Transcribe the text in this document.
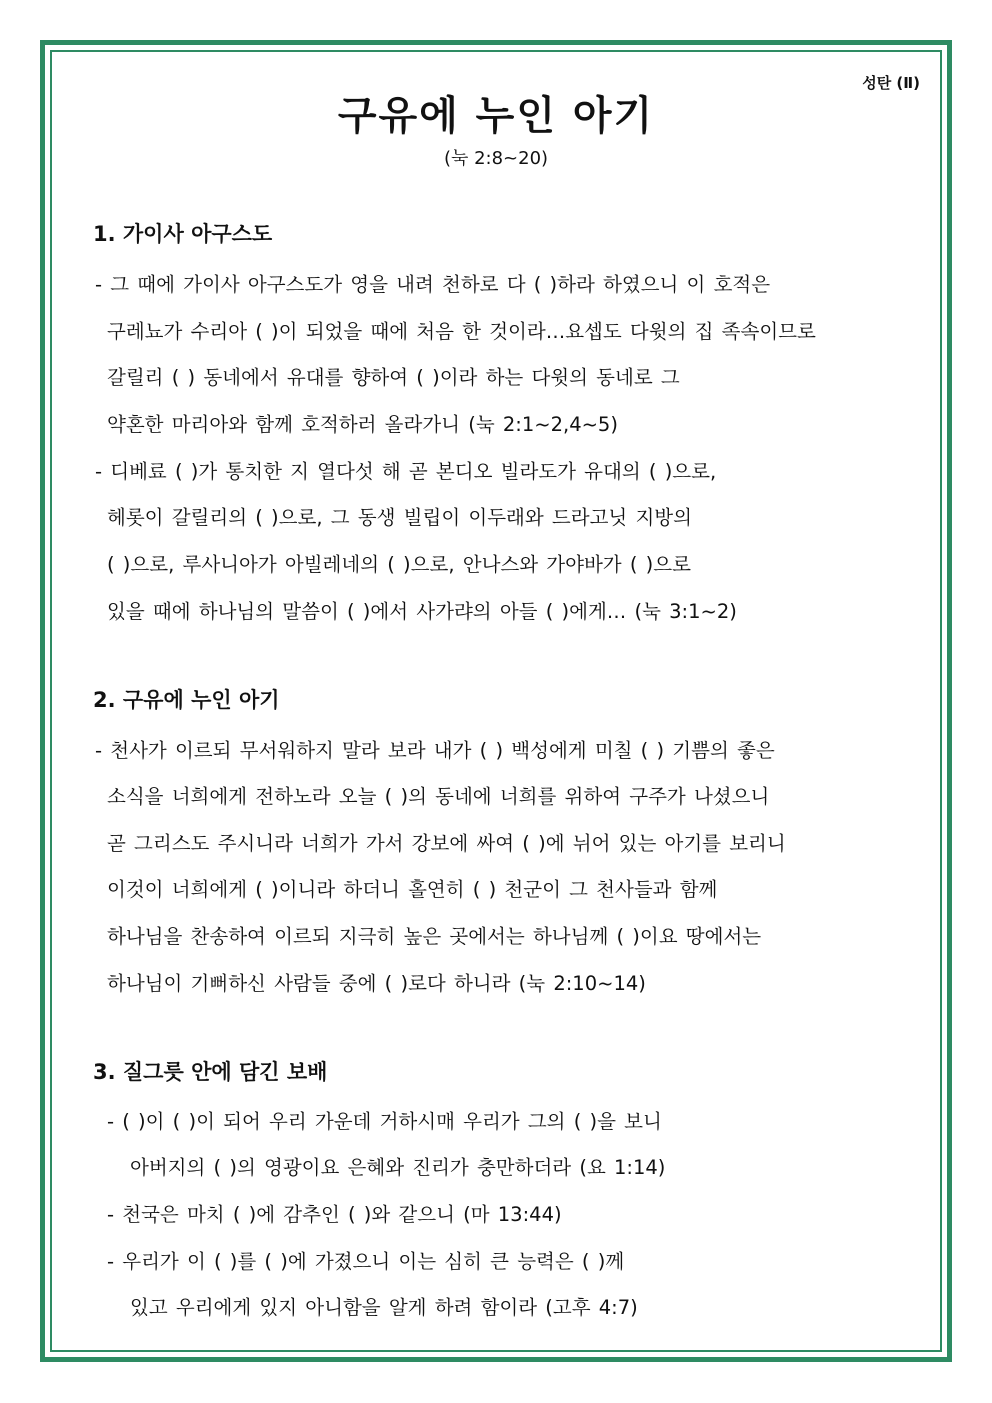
성탄 (Ⅱ)
구유에 누인 아기
(눅 2:8~20)
1. 가이사 아구스도
- 그 때에 가이사 아구스도가 영을 내려 천하로 다 ( )하라 하였으니 이 호적은
구레뇨가 수리아 ( )이 되었을 때에 처음 한 것이라…요셉도 다윗의 집 족속이므로
갈릴리 ( ) 동네에서 유대를 향하여 ( )이라 하는 다윗의 동네로 그
약혼한 마리아와 함께 호적하러 올라가니 (눅 2:1~2,4~5)
- 디베료 ( )가 통치한 지 열다섯 해 곧 본디오 빌라도가 유대의 ( )으로,
헤롯이 갈릴리의 ( )으로, 그 동생 빌립이 이두래와 드라고닛 지방의
( )으로, 루사니아가 아빌레네의 ( )으로, 안나스와 가야바가 ( )으로
있을 때에 하나님의 말씀이 ( )에서 사가랴의 아들 ( )에게… (눅 3:1~2)
2. 구유에 누인 아기
- 천사가 이르되 무서워하지 말라 보라 내가 ( ) 백성에게 미칠 ( ) 기쁨의 좋은
소식을 너희에게 전하노라 오늘 ( )의 동네에 너희를 위하여 구주가 나셨으니
곧 그리스도 주시니라 너희가 가서 강보에 싸여 ( )에 뉘어 있는 아기를 보리니
이것이 너희에게 ( )이니라 하더니 홀연히 ( ) 천군이 그 천사들과 함께
하나님을 찬송하여 이르되 지극히 높은 곳에서는 하나님께 ( )이요 땅에서는
하나님이 기뻐하신 사람들 중에 ( )로다 하니라 (눅 2:10~14)
3. 질그릇 안에 담긴 보배
- ( )이 ( )이 되어 우리 가운데 거하시매 우리가 그의 ( )을 보니
아버지의 ( )의 영광이요 은혜와 진리가 충만하더라 (요 1:14)
- 천국은 마치 ( )에 감추인 ( )와 같으니 (마 13:44)
- 우리가 이 ( )를 ( )에 가졌으니 이는 심히 큰 능력은 ( )께
있고 우리에게 있지 아니함을 알게 하려 함이라 (고후 4:7)
